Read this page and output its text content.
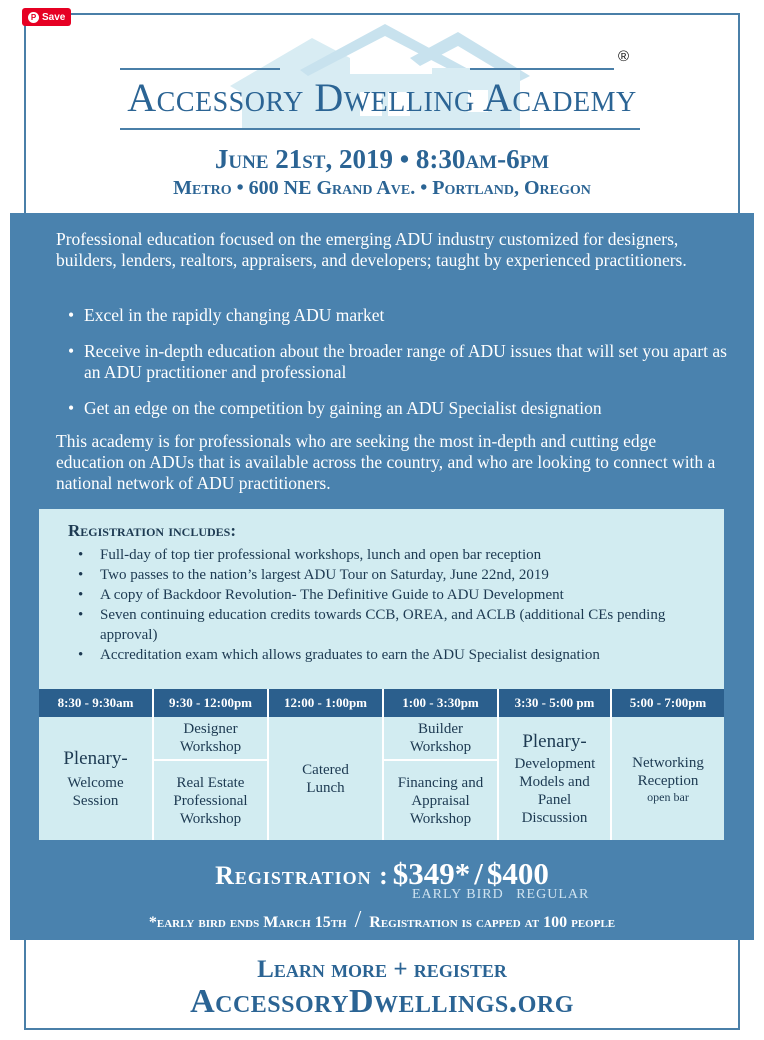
P Save
®
Accessory Dwelling Academy
June 21st, 2019 • 8:30am-6pm
Metro • 600 NE Grand Ave. • Portland, Oregon
Professional education focused on the emerging ADU industry customized for designers, builders, lenders, realtors, appraisers, and developers; taught by experienced practitioners.
• Excel in the rapidly changing ADU market
• Receive in-depth education about the broader range of ADU issues that will set you apart as an ADU practitioner and professional
• Get an edge on the competition by gaining an ADU Specialist designation
This academy is for professionals who are seeking the most in-depth and cutting edge education on ADUs that is available across the country, and who are looking to connect with a national network of ADU practitioners.
Registration includes:
• Full-day of top tier professional workshops, lunch and open bar reception
• Two passes to the nation’s largest ADU Tour on Saturday, June 22nd, 2019
• A copy of Backdoor Revolution- The Definitive Guide to ADU Development
• Seven continuing education credits towards CCB, OREA, and ACLB (additional CEs pending approval)
• Accreditation exam which allows graduates to earn the ADU Specialist designation
8:30 - 9:30am
Plenary-
Welcome Session
9:30 - 12:00pm
Designer Workshop
Real Estate Professional Workshop
12:00 - 1:00pm
Catered Lunch
1:00 - 3:30pm
Builder Workshop
Financing and Appraisal Workshop
3:30 - 5:00 pm
Plenary-
Development Models and Panel Discussion
5:00 - 7:00pm
Networking Reception
open bar
Registration : $349* / $400
EARLY BIRD REGULAR
*early bird ends March 15th / Registration is capped at 100 people
Learn more + register
AccessoryDwellings.org
